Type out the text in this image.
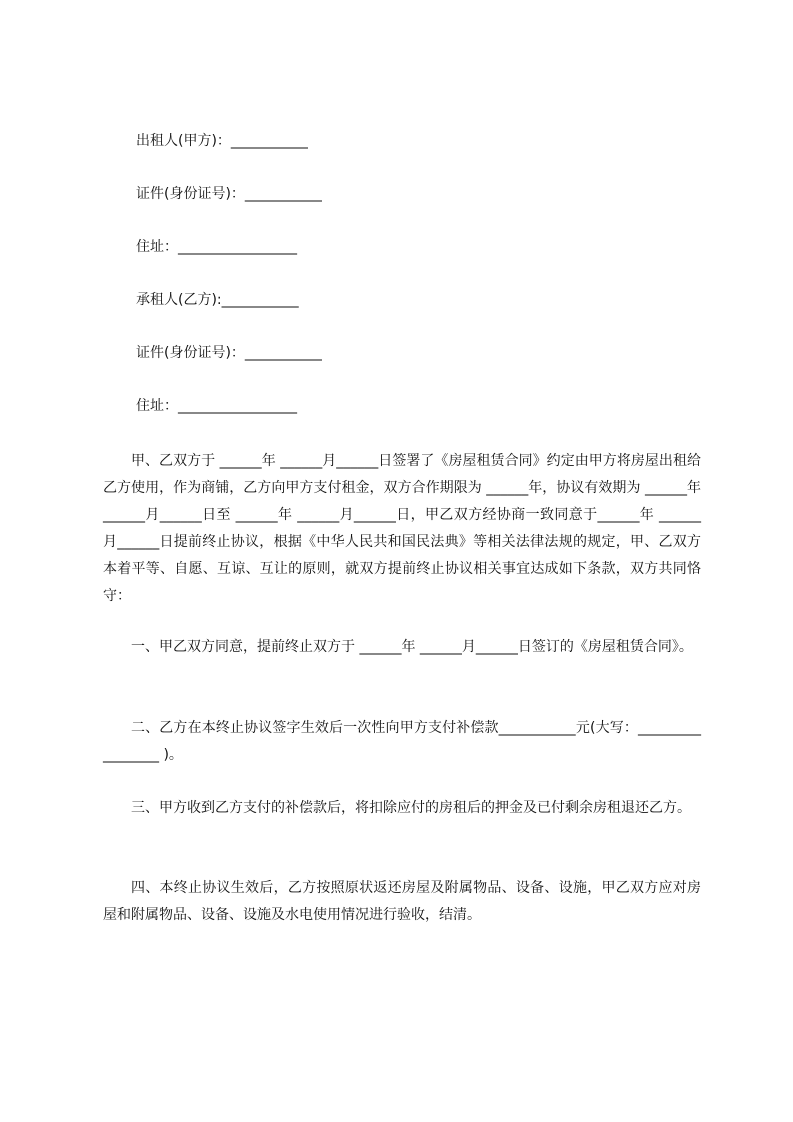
出租人(甲方)：___________

证件(身份证号)：___________

住址：_________________

承租人(乙方):___________

证件(身份证号)：___________

住址：_________________

甲、乙双方于 ______年 ______月______日签署了《房屋租赁合同》约定由甲方将房屋出租给乙方使用，作为商铺，乙方向甲方支付租金，双方合作期限为 ______年，协议有效期为 ______年 ______月______日至 ______年 ______月______日，甲乙双方经协商一致同意于______年 ______月______日提前终止协议，根据《中华人民共和国民法典》等相关法律法规的规定，甲、乙双方本着平等、自愿、互谅、互让的原则，就双方提前终止协议相关事宜达成如下条款，双方共同恪守：

一、甲乙双方同意，提前终止双方于 ______年 ______月______日签订的《房屋租赁合同》。

二、乙方在本终止协议签字生效后一次性向甲方支付补偿款___________元(大写：_________________ )。

三、甲方收到乙方支付的补偿款后，将扣除应付的房租后的押金及已付剩余房租退还乙方。

四、本终止协议生效后，乙方按照原状返还房屋及附属物品、设备、设施，甲乙双方应对房屋和附属物品、设备、设施及水电使用情况进行验收，结清。
